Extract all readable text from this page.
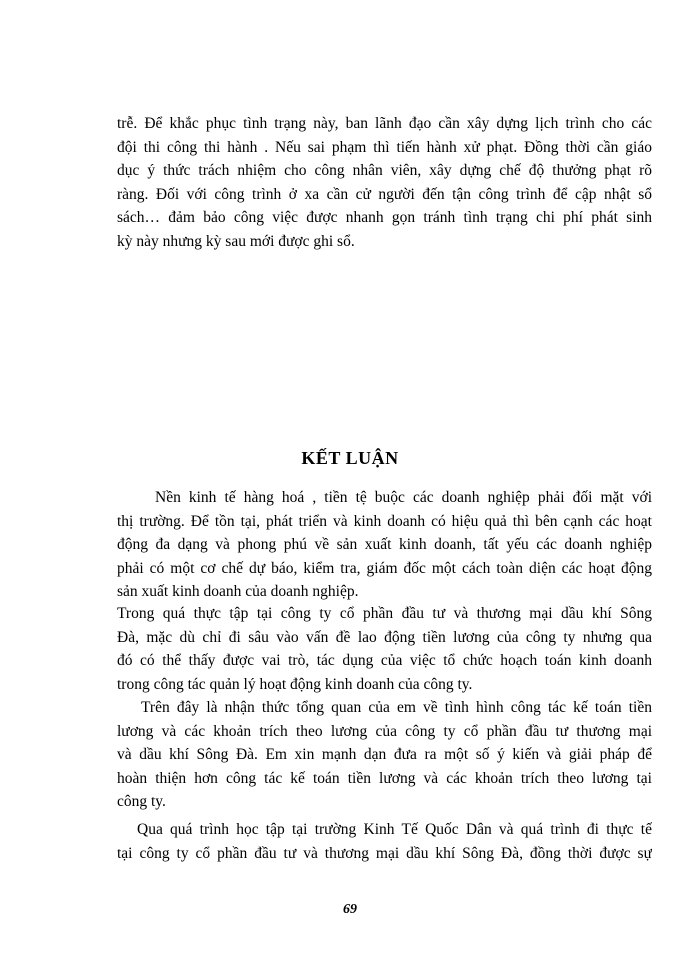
trễ. Để khắc phục tình trạng này, ban lãnh đạo cần xây dựng lịch trình cho các
đội thi công thi hành . Nếu sai phạm thì tiến hành xử phạt. Đồng thời cần giáo
dục ý thức trách nhiệm cho công nhân viên, xây dựng chế độ thưởng phạt rõ
ràng. Đối với công trình ở xa cần cử người đến tận công trình để cập nhật sổ
sách… đảm bảo công việc được nhanh gọn tránh tình trạng chi phí phát sinh
kỳ này nhưng kỳ sau mới được ghi sổ.
KẾT LUẬN
Nền kinh tế hàng hoá , tiền tệ buộc các doanh nghiệp phải đối mặt với
thị trường. Để tồn tại, phát triển và kinh doanh có hiệu quả thì bên cạnh các hoạt
động đa dạng và phong phú về sản xuất kinh doanh, tất yếu các doanh nghiệp
phải có một cơ chế dự báo, kiểm tra, giám đốc một cách toàn diện các hoạt động
sản xuất kinh doanh của doanh nghiệp.
Trong quá thực tập tại công ty cổ phần đầu tư và thương mại dầu khí Sông
Đà, mặc dù chỉ đi sâu vào vấn đề lao động tiền lương của công ty nhưng qua
đó có thể thấy được vai trò, tác dụng của việc tổ chức hoạch toán kinh doanh
trong công tác quản lý hoạt động kinh doanh của công ty.
Trên đây là nhận thức tổng quan của em về tình hình công tác kế toán tiền
lương và các khoản trích theo lương của công ty cổ phần đầu tư thương mại
và dầu khí Sông Đà. Em xin mạnh dạn đưa ra một số ý kiến và giải pháp để
hoàn thiện hơn công tác kế toán tiền lương và các khoản trích theo lương tại
công ty.
Qua quá trình học tập tại trường Kinh Tế Quốc Dân và quá trình đi thực tế
tại công ty cổ phần đầu tư và thương mại dầu khí Sông Đà, đồng thời được sự
69
